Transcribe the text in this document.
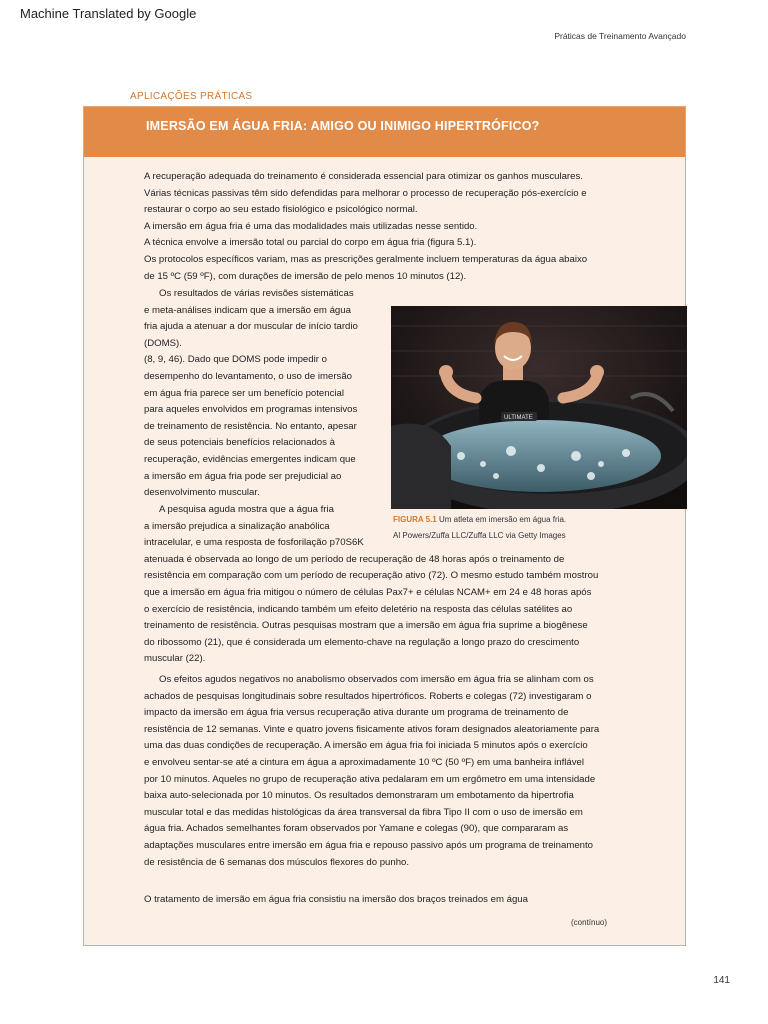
Machine Translated by Google
Práticas de Treinamento Avançado
APLICAÇÕES PRÁTICAS
IMERSÃO EM ÁGUA FRIA: AMIGO OU INIMIGO HIPERTRÓFICO?
A recuperação adequada do treinamento é considerada essencial para otimizar os ganhos musculares.
Várias técnicas passivas têm sido defendidas para melhorar o processo de recuperação pós-exercício e
restaurar o corpo ao seu estado fisiológico e psicológico normal.
A imersão em água fria é uma das modalidades mais utilizadas nesse sentido.
A técnica envolve a imersão total ou parcial do corpo em água fria (figura 5.1).
Os protocolos específicos variam, mas as prescrições geralmente incluem temperaturas da água abaixo
de 15 ºC (59 ºF), com durações de imersão de pelo menos 10 minutos (12).
Os resultados de várias revisões sistemáticas
e meta-análises indicam que a imersão em água
fria ajuda a atenuar a dor muscular de início tardio
(DOMS).
(8, 9, 46). Dado que DOMS pode impedir o
desempenho do levantamento, o uso de imersão
em água fria parece ser um benefício potencial
para aqueles envolvidos em programas intensivos
de treinamento de resistência. No entanto, apesar
de seus potenciais benefícios relacionados à
recuperação, evidências emergentes indicam que
a imersão em água fria pode ser prejudicial ao
desenvolvimento muscular.
A pesquisa aguda mostra que a água fria
a imersão prejudica a sinalização anabólica
intracelular, e uma resposta de fosforilação p70S6K
atenuada é observada ao longo de um período de recuperação de 48 horas após o treinamento de
resistência em comparação com um período de recuperação ativo (72). O mesmo estudo também mostrou
que a imersão em água fria mitigou o número de células Pax7+ e células NCAM+ em 24 e 48 horas após
o exercício de resistência, indicando também um efeito deletério na resposta das células satélites ao
treinamento de resistência. Outras pesquisas mostram que a imersão em água fria suprime a biogênese
do ribossomo (21), que é considerada um elemento-chave na regulação a longo prazo do crescimento
muscular (22).
Os efeitos agudos negativos no anabolismo observados com imersão em água fria se alinham com os
achados de pesquisas longitudinais sobre resultados hipertróficos. Roberts e colegas (72) investigaram o
impacto da imersão em água fria versus recuperação ativa durante um programa de treinamento de
resistência de 12 semanas. Vinte e quatro jovens fisicamente ativos foram designados aleatoriamente para
uma das duas condições de recuperação. A imersão em água fria foi iniciada 5 minutos após o exercício
e envolveu sentar-se até a cintura em água a aproximadamente 10 ºC (50 ºF) em uma banheira inflável
por 10 minutos. Aqueles no grupo de recuperação ativa pedalaram em um ergômetro em uma intensidade
baixa auto-selecionada por 10 minutos. Os resultados demonstraram um embotamento da hipertrofia
muscular total e das medidas histológicas da área transversal da fibra Tipo II com o uso de imersão em
água fria. Achados semelhantes foram observados por Yamane e colegas (90), que compararam as
adaptações musculares entre imersão em água fria e repouso passivo após um programa de treinamento
de resistência de 6 semanas dos músculos flexores do punho.
O tratamento de imersão em água fria consistiu na imersão dos braços treinados em água
ULTIMATE
FIGURA 5.1 Um atleta em imersão em água fria.
Al Powers/Zuffa LLC/Zuffa LLC via Getty Images
(contínuo)
141
